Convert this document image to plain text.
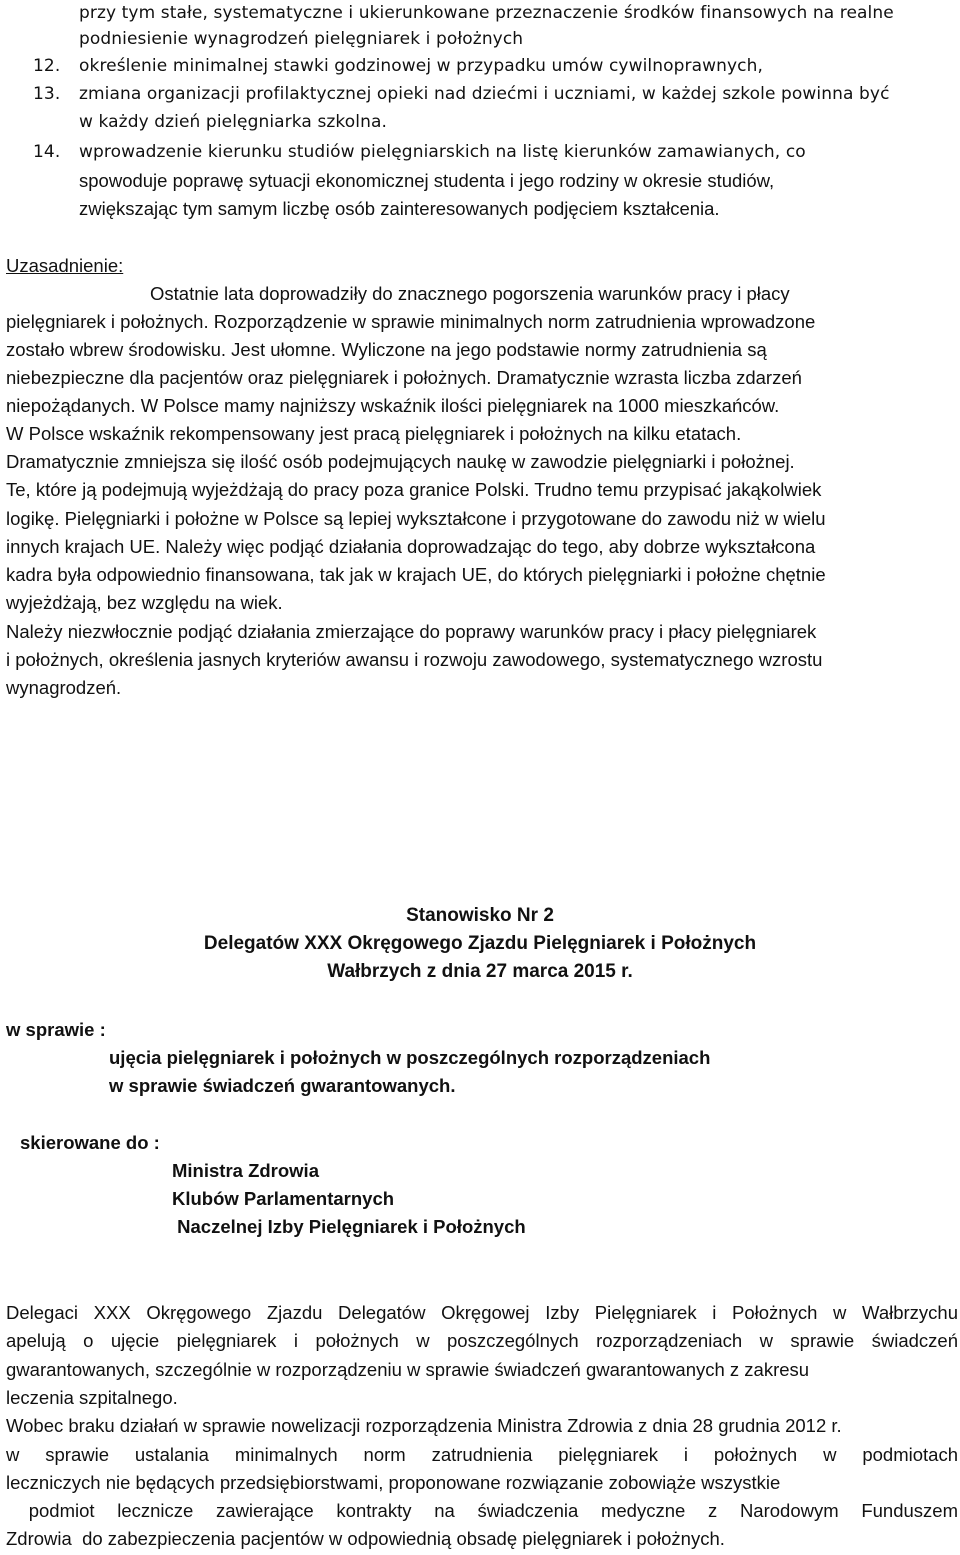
przy tym stałe, systematyczne i ukierunkowane przeznaczenie środków finansowych na realne
podniesienie wynagrodzeń pielęgniarek i położnych
12. określenie minimalnej stawki godzinowej w przypadku umów cywilnoprawnych,
13. zmiana organizacji profilaktycznej opieki nad dziećmi i uczniami, w każdej szkole powinna być
w każdy dzień pielęgniarka szkolna.
14. wprowadzenie kierunku studiów pielęgniarskich na listę kierunków zamawianych, co
spowoduje poprawę sytuacji ekonomicznej studenta i jego rodziny w okresie studiów,
zwiększając tym samym liczbę osób zainteresowanych podjęciem kształcenia.
Uzasadnienie:
Ostatnie lata doprowadziły do znacznego pogorszenia warunków pracy i płacy
pielęgniarek i położnych. Rozporządzenie w sprawie minimalnych norm zatrudnienia wprowadzone
zostało wbrew środowisku. Jest ułomne. Wyliczone na jego podstawie normy zatrudnienia są
niebezpieczne dla pacjentów oraz pielęgniarek i położnych. Dramatycznie wzrasta liczba zdarzeń
niepożądanych. W Polsce mamy najniższy wskaźnik ilości pielęgniarek na 1000 mieszkańców.
W Polsce wskaźnik rekompensowany jest pracą pielęgniarek i położnych na kilku etatach.
Dramatycznie zmniejsza się ilość osób podejmujących naukę w zawodzie pielęgniarki i położnej.
Te, które ją podejmują wyjeżdżają do pracy poza granice Polski. Trudno temu przypisać jakąkolwiek
logikę. Pielęgniarki i położne w Polsce są lepiej wykształcone i przygotowane do zawodu niż w wielu
innych krajach UE. Należy więc podjąć działania doprowadzając do tego, aby dobrze wykształcona
kadra była odpowiednio finansowana, tak jak w krajach UE, do których pielęgniarki i położne chętnie
wyjeżdżają, bez względu na wiek.
Należy niezwłocznie podjąć działania zmierzające do poprawy warunków pracy i płacy pielęgniarek
i położnych, określenia jasnych kryteriów awansu i rozwoju zawodowego, systematycznego wzrostu
wynagrodzeń.
Stanowisko Nr 2
Delegatów XXX Okręgowego Zjazdu Pielęgniarek i Położnych
Wałbrzych z dnia 27 marca 2015 r.
w sprawie :
ujęcia pielęgniarek i położnych w poszczególnych rozporządzeniach
w sprawie świadczeń gwarantowanych.
skierowane do :
Ministra Zdrowia
Klubów Parlamentarnych
Naczelnej Izby Pielęgniarek i Położnych
Delegaci XXX Okręgowego Zjazdu Delegatów Okręgowej Izby Pielęgniarek i Położnych w Wałbrzychu
apelują o ujęcie pielęgniarek i położnych w poszczególnych rozporządzeniach w sprawie świadczeń
gwarantowanych, szczególnie w rozporządzeniu w sprawie świadczeń gwarantowanych z zakresu
leczenia szpitalnego.
Wobec braku działań w sprawie nowelizacji rozporządzenia Ministra Zdrowia z dnia 28 grudnia 2012 r.
w sprawie ustalania minimalnych norm zatrudnienia pielęgniarek i położnych w podmiotach
leczniczych nie będących przedsiębiorstwami, proponowane rozwiązanie zobowiąże wszystkie
podmiot lecznicze zawierające kontrakty na świadczenia medyczne z Narodowym Funduszem
Zdrowia  do zabezpieczenia pacjentów w odpowiednią obsadę pielęgniarek i położnych.
